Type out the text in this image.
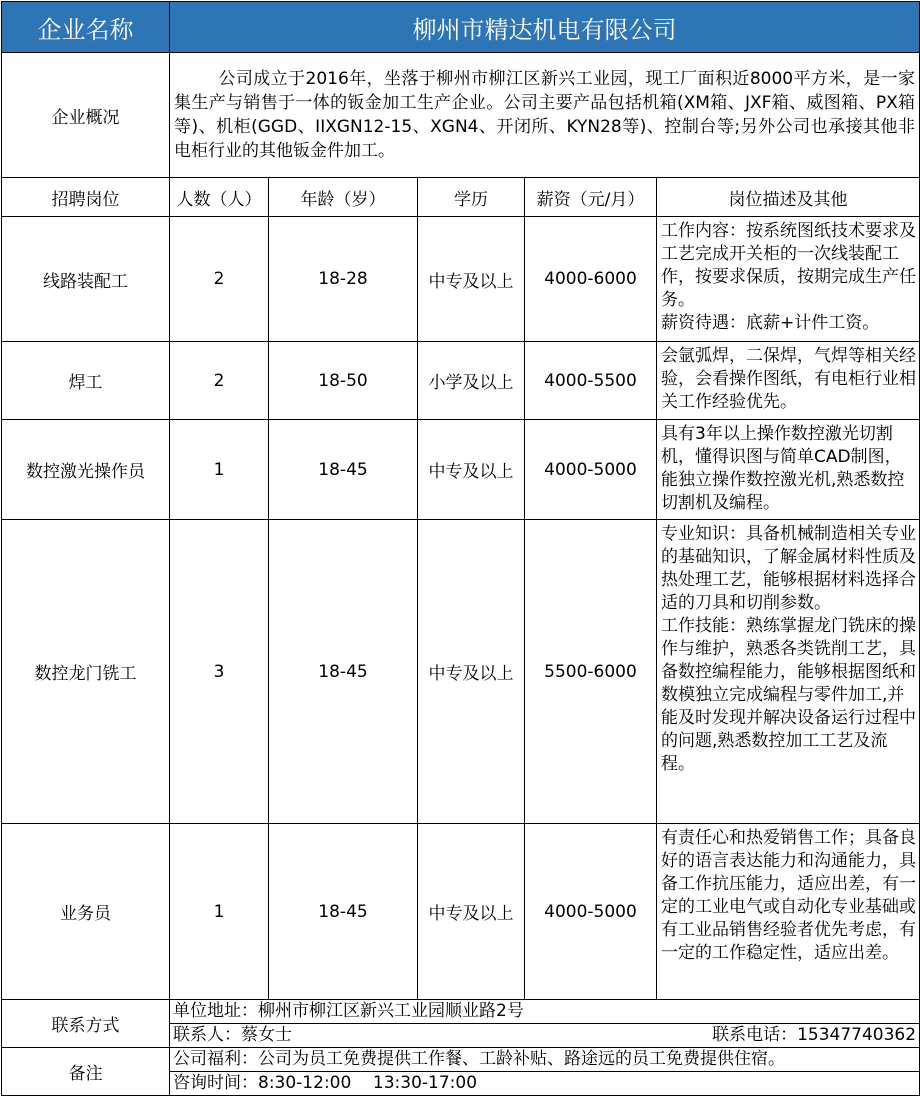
企业名称	柳州市精达机电有限公司				
企业概况	公司成立于2016年，坐落于柳州市柳江区新兴工业园，现工厂面积近8000平方米，是一家集生产与销售于一体的钣金加工生产企业。公司主要产品包括机箱(XM箱、JXF箱、威图箱、PX箱等)、机柜(GGD、IIXGN12-15、XGN4、开闭所、KYN28等)、控制台等;另外公司也承接其他非电柜行业的其他钣金件加工。				
招聘岗位	人数（人）	年龄（岁）	学历	薪资（元/月）	岗位描述及其他
线路装配工	2	18-28	中专及以上	4000-6000	工作内容：按系统图纸技术要求及工艺完成开关柜的一次线装配工作，按要求保质，按期完成生产任务。
薪资待遇：底薪+计件工资。
焊工	2	18-50	小学及以上	4000-5500	会氩弧焊，二保焊，气焊等相关经验，会看操作图纸，有电柜行业相关工作经验优先。
数控激光操作员	1	18-45	中专及以上	4000-5000	具有3年以上操作数控激光切割机，懂得识图与简单CAD制图，能独立操作数控激光机,熟悉数控切割机及编程。
数控龙门铣工	3	18-45	中专及以上	5500-6000	专业知识：具备机械制造相关专业的基础知识，了解金属材料性质及热处理工艺，能够根据材料选择合适的刀具和切削参数。
工作技能：熟练掌握龙门铣床的操作与维护，熟悉各类铣削工艺，具备数控编程能力，能够根据图纸和数模独立完成编程与零件加工,并能及时发现并解决设备运行过程中的问题,熟悉数控加工工艺及流程。
业务员	1	18-45	中专及以上	4000-5000	有责任心和热爱销售工作；具备良好的语言表达能力和沟通能力，具备工作抗压能力，适应出差，有一定的工业电气或自动化专业基础或有工业品销售经验者优先考虑，有一定的工作稳定性，适应出差。
联系方式	单位地址：柳州市柳江区新兴工业园顺业路2号				

	联系人：蔡女士 联系电话：15347740362				

备注	公司福利：公司为员工免费提供工作餐、工龄补贴、路途远的员工免费提供住宿。				
	咨询时间：8:30-12:00    13:30-17:00				
